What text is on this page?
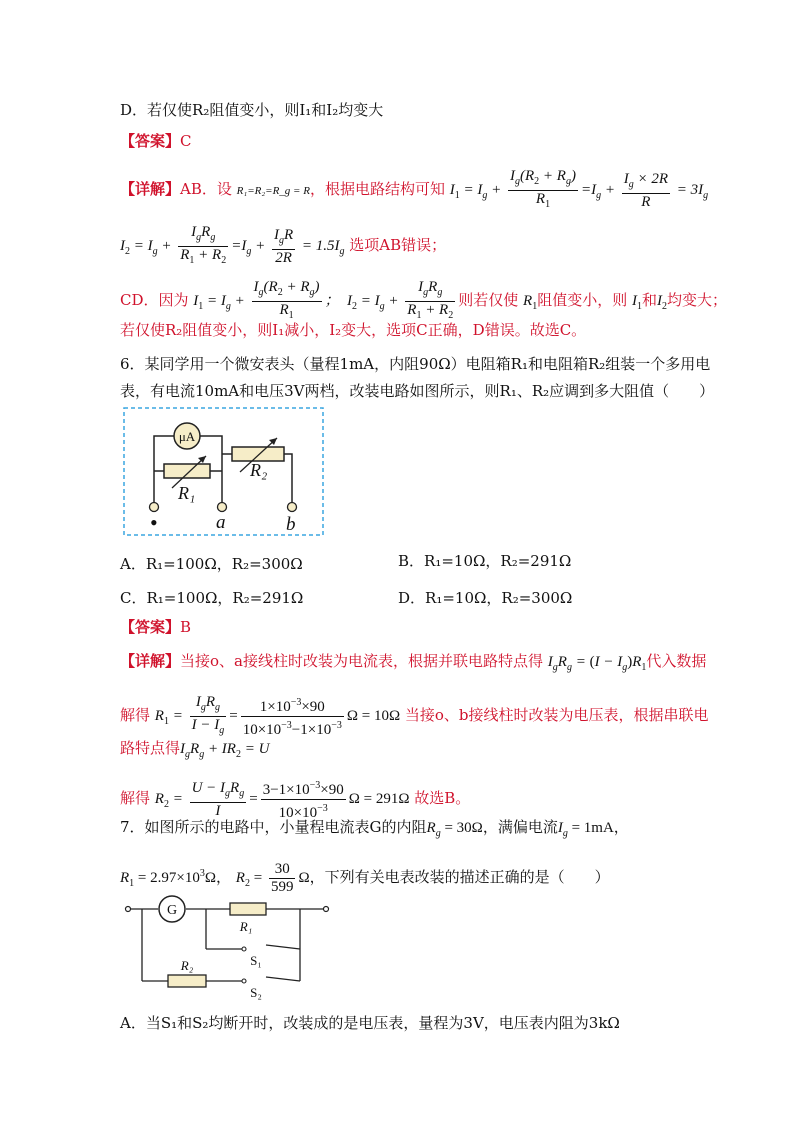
D．若仅使R₂阻值变小，则I₁和I₂均变大
【答案】C
【详解】AB．设 R₁=R₂=R_g = R，根据电路结构可知 $I_1 = I_g + \frac{I_g(R_2 + R_g)}{R_1} =I_g + \frac{I_g \times 2R}{R} = 3I_g$
$I_2 = I_g + \frac{I_gR_g}{R_1 + R_2} =I_g + \frac{I_gR}{2R} = 1.5I_g$ 选项AB错误；
CD．因为 $I_1 = I_g + \frac{I_g(R_2 + R_g)}{R_1}$ ；  $I_2 = I_g + \frac{I_gR_g}{R_1 + R_2}$ 则若仅使 $R_1$阻值变小，则 $I_1$和$I_2$均变大；
若仅使R₂阻值变小，则I₁减小，I₂变大，选项C正确，D错误。故选C。
6．某同学用一个微安表头（量程1mA，内阻90Ω）电阻箱R₁和电阻箱R₂组装一个多用电
表，有电流10mA和电压3V两档，改装电路如图所示，则R₁、R₂应调到多大阻值（　　）
μA
R₁
R₂
•	a	b
A．R₁=100Ω，R₂=300Ω	B．R₁=10Ω，R₂=291Ω
C．R₁=100Ω，R₂=291Ω	D．R₁=10Ω，R₂=300Ω
【答案】B
【详解】当接o、a接线柱时改装为电流表，根据并联电路特点得 $I_gR_g = (I - I_g)R_1$代入数据
解得 $R_1 = \frac{I_gR_g}{I - I_g} = \frac{1\times 10^{-3}\times 90}{10\times 10^{-3}-1\times 10^{-3}}$ Ω = 10Ω 当接o、b接线柱时改装为电压表，根据串联电
路特点得$I_gR_g + IR_2 = U$
解得 $R_2 = \frac{U - I_gR_g}{I} = \frac{3-1\times 10^{-3}\times 90}{10\times 10^{-3}}$ Ω = 291Ω 故选B。
7．如图所示的电路中，小量程电流表G的内阻$R_g = 30\Omega$，满偏电流$I_g = 1mA$，
$R_1 = 2.97\times 10^3\Omega$， $R_2 = \frac{30}{599}$ Ω，下列有关电表改装的描述正确的是（　　）
G
R₁
R₂	S₁
S₂
A．当S₁和S₂均断开时，改装成的是电压表，量程为3V，电压表内阻为3kΩ
